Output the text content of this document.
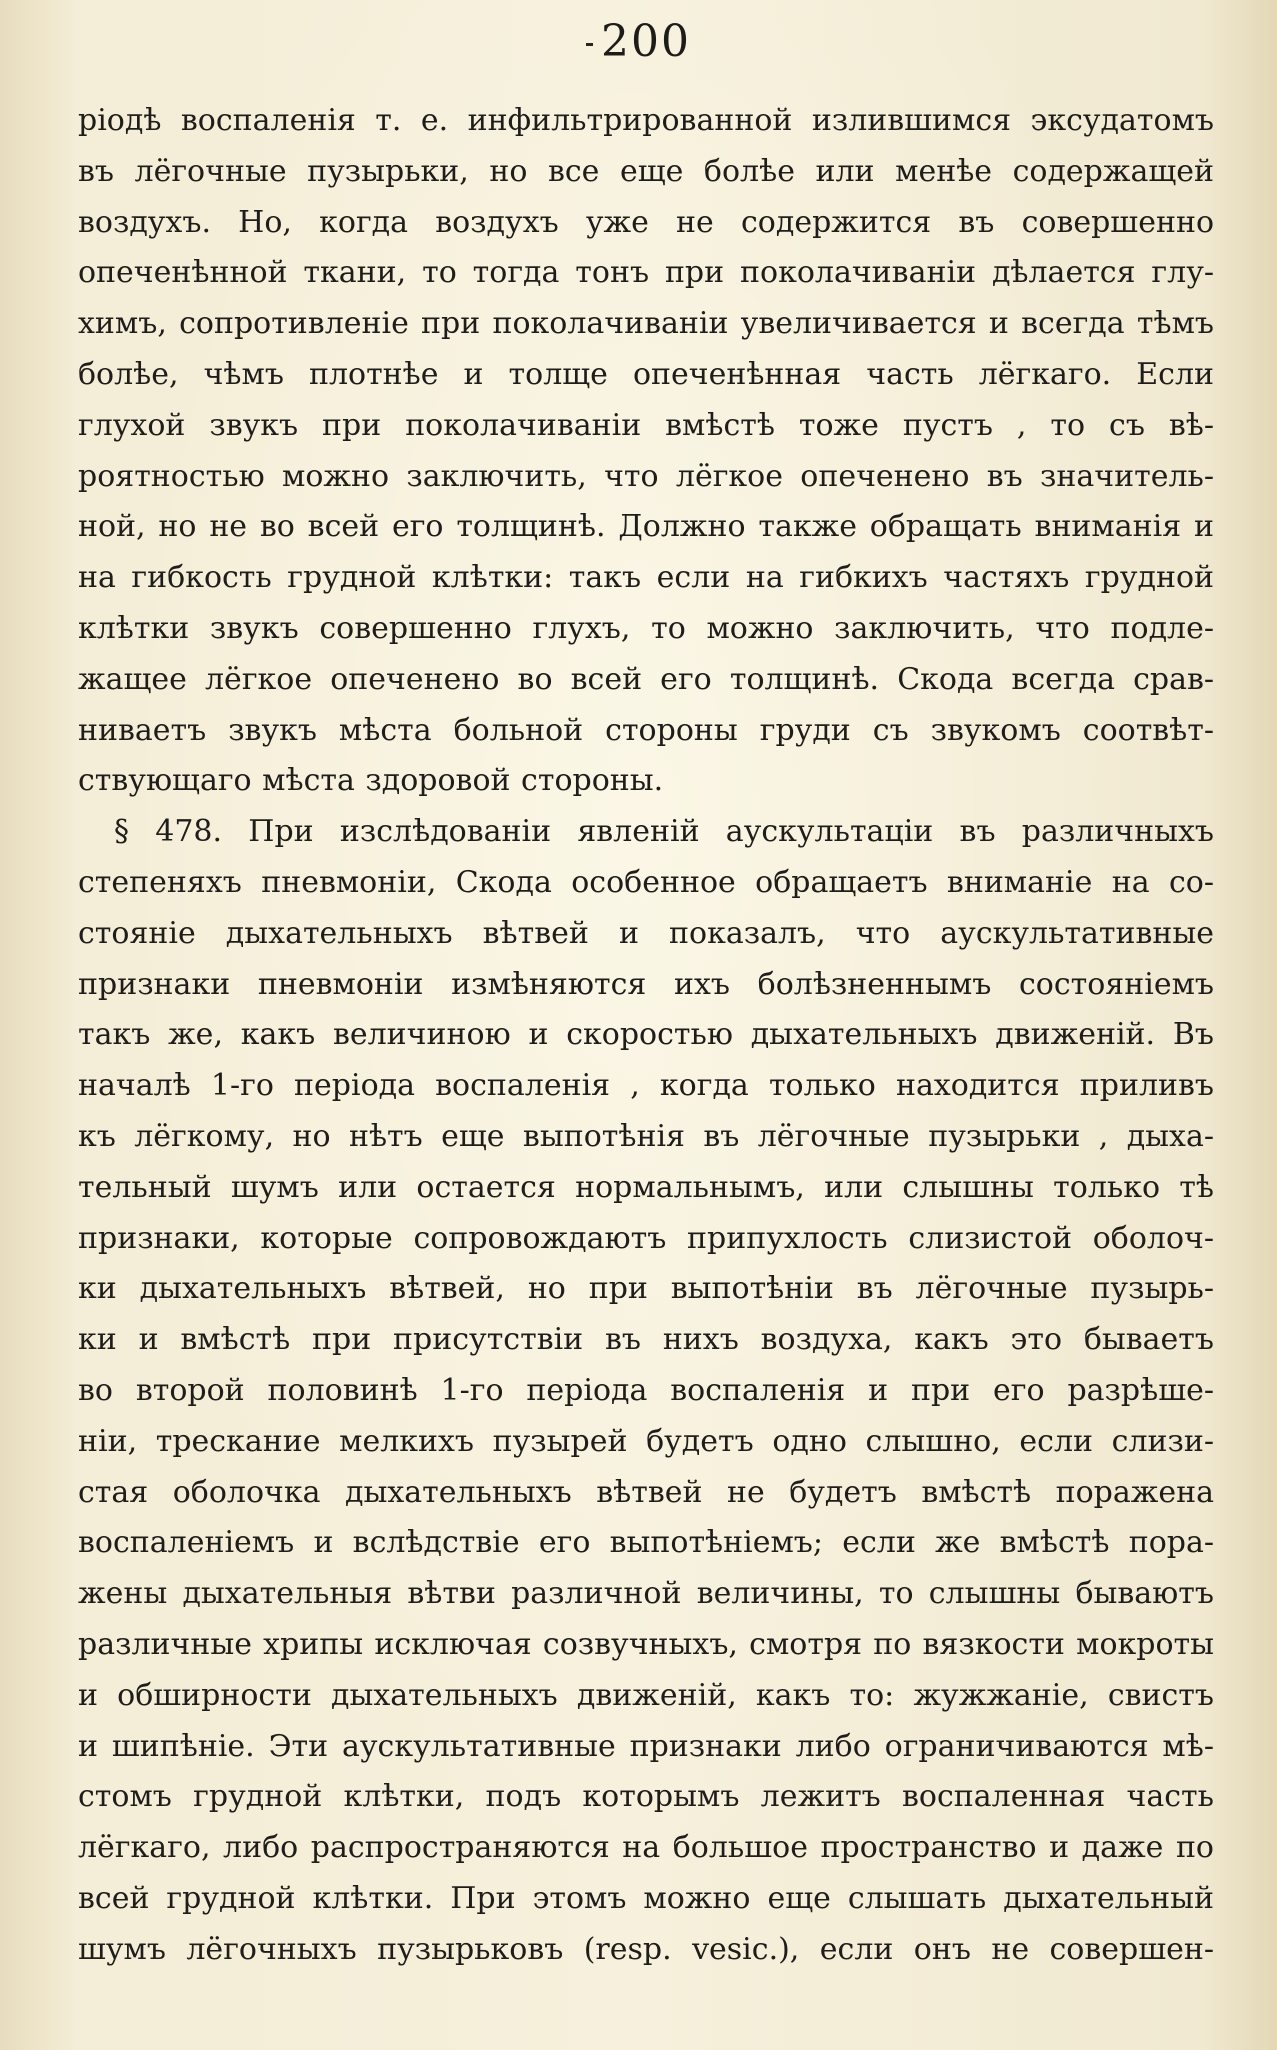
200
ріодѣ воспаленія т. е. инфильтрированной излившимся эксудатомъ
въ лёгочные пузырьки, но все еще болѣе или менѣе содержащей
воздухъ. Но, когда воздухъ уже не содержится въ совершенно
опеченѣнной ткани, то тогда тонъ при поколачиваніи дѣлается глу-
химъ, сопротивленіе при поколачиваніи увеличивается и всегда тѣмъ
болѣе, чѣмъ плотнѣе и толще опеченѣнная часть лёгкаго. Если
глухой звукъ при поколачиваніи вмѣстѣ тоже пустъ , то съ вѣ-
роятностью можно заключить, что лёгкое опеченено въ значитель-
ной, но не во всей его толщинѣ. Должно также обращать вниманія и
на гибкость грудной клѣтки: такъ если на гибкихъ частяхъ грудной
клѣтки звукъ совершенно глухъ, то можно заключить, что подле-
жащее лёгкое опеченено во всей его толщинѣ. Скода всегда срав-
ниваетъ звукъ мѣста больной стороны груди съ звукомъ соотвѣт-
ствующаго мѣста здоровой стороны.
§ 478. При изслѣдованіи явленій аускультаціи въ различныхъ
степеняхъ пневмоніи, Скода особенное обращаетъ вниманіе на со-
стояніе дыхательныхъ вѣтвей и показалъ, что аускультативные
признаки пневмоніи измѣняются ихъ болѣзненнымъ состояніемъ
такъ же, какъ величиною и скоростью дыхательныхъ движеній. Въ
началѣ 1-го періода воспаленія , когда только находится приливъ
къ лёгкому, но нѣтъ еще выпотѣнія въ лёгочные пузырьки , дыха-
тельный шумъ или остается нормальнымъ, или слышны только тѣ
признаки, которые сопровождаютъ припухлость слизистой оболоч-
ки дыхательныхъ вѣтвей, но при выпотѣніи въ лёгочные пузырь-
ки и вмѣстѣ при присутствіи въ нихъ воздуха, какъ это бываетъ
во второй половинѣ 1-го періода воспаленія и при его разрѣше-
ніи, трескание мелкихъ пузырей будетъ одно слышно, если слизи-
стая оболочка дыхательныхъ вѣтвей не будетъ вмѣстѣ поражена
воспаленіемъ и вслѣдствіе его выпотѣніемъ; если же вмѣстѣ пора-
жены дыхательныя вѣтви различной величины, то слышны бываютъ
различные хрипы исключая созвучныхъ, смотря по вязкости мокроты
и обширности дыхательныхъ движеній, какъ то: жужжаніе, свистъ
и шипѣніе. Эти аускультативные признаки либо ограничиваются мѣ-
стомъ грудной клѣтки, подъ которымъ лежитъ воспаленная часть
лёгкаго, либо распространяются на большое пространство и даже по
всей грудной клѣтки. При этомъ можно еще слышать дыхательный
шумъ лёгочныхъ пузырьковъ (resp. vesic.), если онъ не совершен-
